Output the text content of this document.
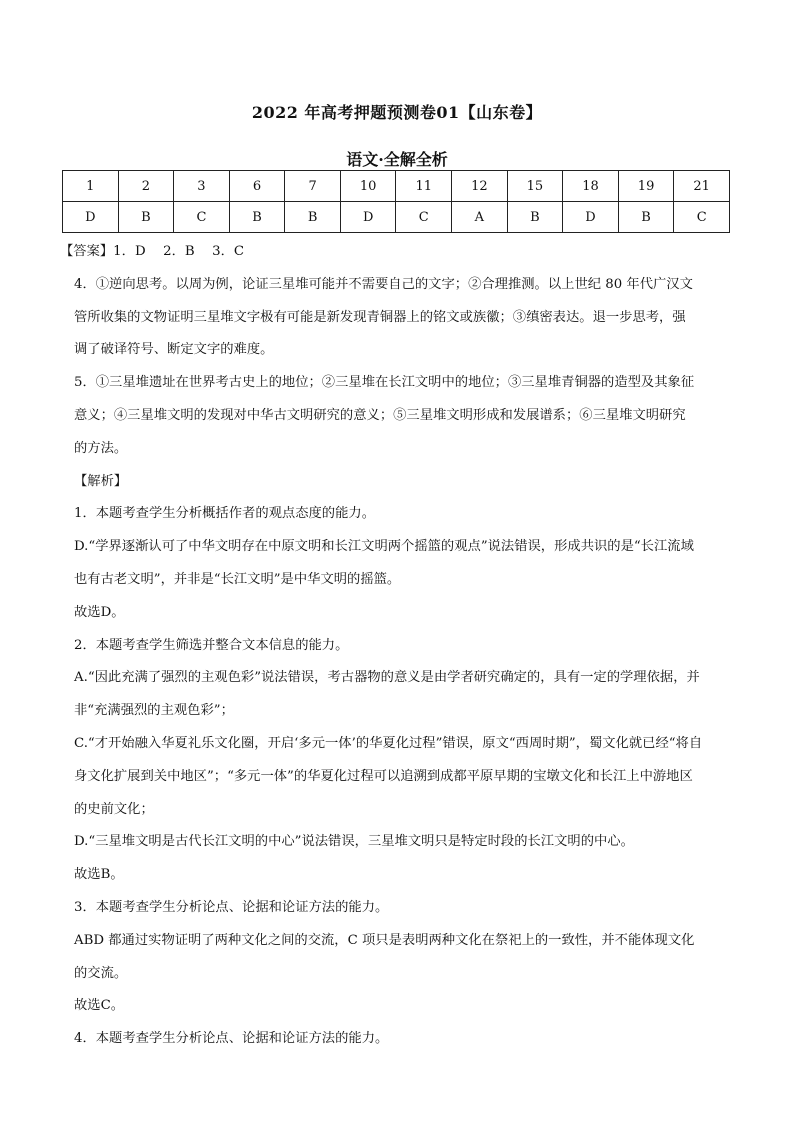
2022 年高考押题预测卷01【山东卷】
语文·全解全析
1	2	3	6	7	10	11	12	15	18	19	21
D	B	C	B	B	D	C	A	B	D	B	C

【答案】1．D　 2．B　 3．C

4．①逆向思考。以周为例，论证三星堆可能并不需要自己的文字；②合理推测。以上世纪 80 年代广汉文

管所收集的文物证明三星堆文字极有可能是新发现青铜器上的铭文或族徽；③缜密表达。退一步思考，强

调了破译符号、断定文字的难度。

5．①三星堆遗址在世界考古史上的地位；②三星堆在长江文明中的地位；③三星堆青铜器的造型及其象征

意义；④三星堆文明的发现对中华古文明研究的意义；⑤三星堆文明形成和发展谱系；⑥三星堆文明研究

的方法。

【解析】

1．本题考查学生分析概括作者的观点态度的能力。

D.“学界逐渐认可了中华文明存在中原文明和长江文明两个摇篮的观点”说法错误，形成共识的是“长江流域

也有古老文明”，并非是“长江文明”是中华文明的摇篮。

故选D。

2．本题考查学生筛选并整合文本信息的能力。

A.“因此充满了强烈的主观色彩”说法错误，考古器物的意义是由学者研究确定的，具有一定的学理依据，并

非“充满强烈的主观色彩”；

C.“才开始融入华夏礼乐文化圈，开启‘多元一体’的华夏化过程”错误，原文“西周时期”，蜀文化就已经“将自

身文化扩展到关中地区”；“多元一体”的华夏化过程可以追溯到成都平原早期的宝墩文化和长江上中游地区

的史前文化；

D.“三星堆文明是古代长江文明的中心”说法错误，三星堆文明只是特定时段的长江文明的中心。

故选B。

3．本题考查学生分析论点、论据和论证方法的能力。

ABD 都通过实物证明了两种文化之间的交流，C 项只是表明两种文化在祭祀上的一致性，并不能体现文化

的交流。

故选C。

4．本题考查学生分析论点、论据和论证方法的能力。
